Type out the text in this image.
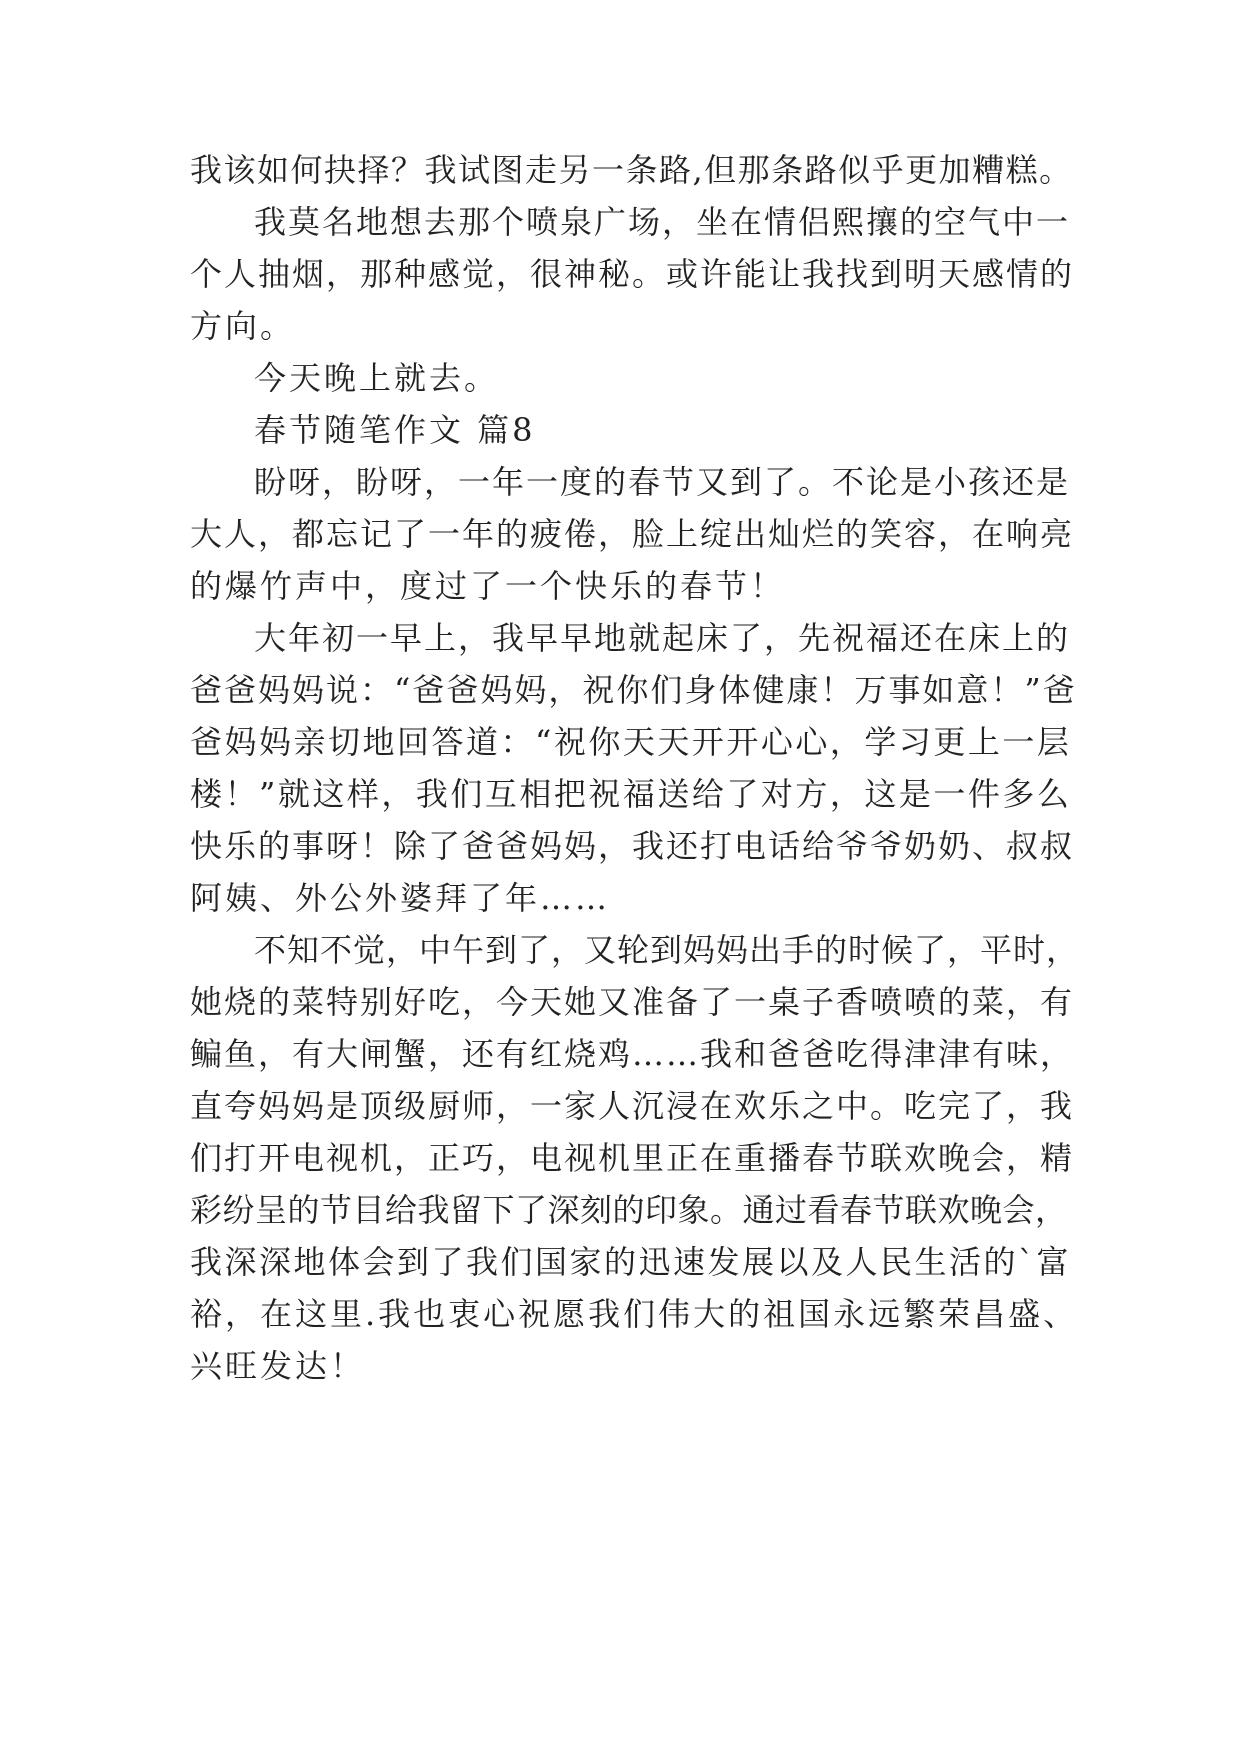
我该如何抉择？我试图走另一条路,但那条路似乎更加糟糕。
我莫名地想去那个喷泉广场，坐在情侣熙攘的空气中一
个人抽烟，那种感觉，很神秘。或许能让我找到明天感情的
方向。
今天晚上就去。
春节随笔作文 篇8
盼呀，盼呀，一年一度的春节又到了。不论是小孩还是
大人，都忘记了一年的疲倦，脸上绽出灿烂的笑容，在响亮
的爆竹声中，度过了一个快乐的春节！
大年初一早上，我早早地就起床了，先祝福还在床上的
爸爸妈妈说：“爸爸妈妈，祝你们身体健康！万事如意！”爸
爸妈妈亲切地回答道：“祝你天天开开心心，学习更上一层
楼！”就这样，我们互相把祝福送给了对方，这是一件多么
快乐的事呀！除了爸爸妈妈，我还打电话给爷爷奶奶、叔叔
阿姨、外公外婆拜了年……
不知不觉，中午到了，又轮到妈妈出手的时候了，平时，
她烧的菜特别好吃，今天她又准备了一桌子香喷喷的菜，有
鳊鱼，有大闸蟹，还有红烧鸡……我和爸爸吃得津津有味，
直夸妈妈是顶级厨师，一家人沉浸在欢乐之中。吃完了，我
们打开电视机，正巧，电视机里正在重播春节联欢晚会，精
彩纷呈的节目给我留下了深刻的印象。通过看春节联欢晚会，
我深深地体会到了我们国家的迅速发展以及人民生活的`富
裕，在这里.我也衷心祝愿我们伟大的祖国永远繁荣昌盛、
兴旺发达！
